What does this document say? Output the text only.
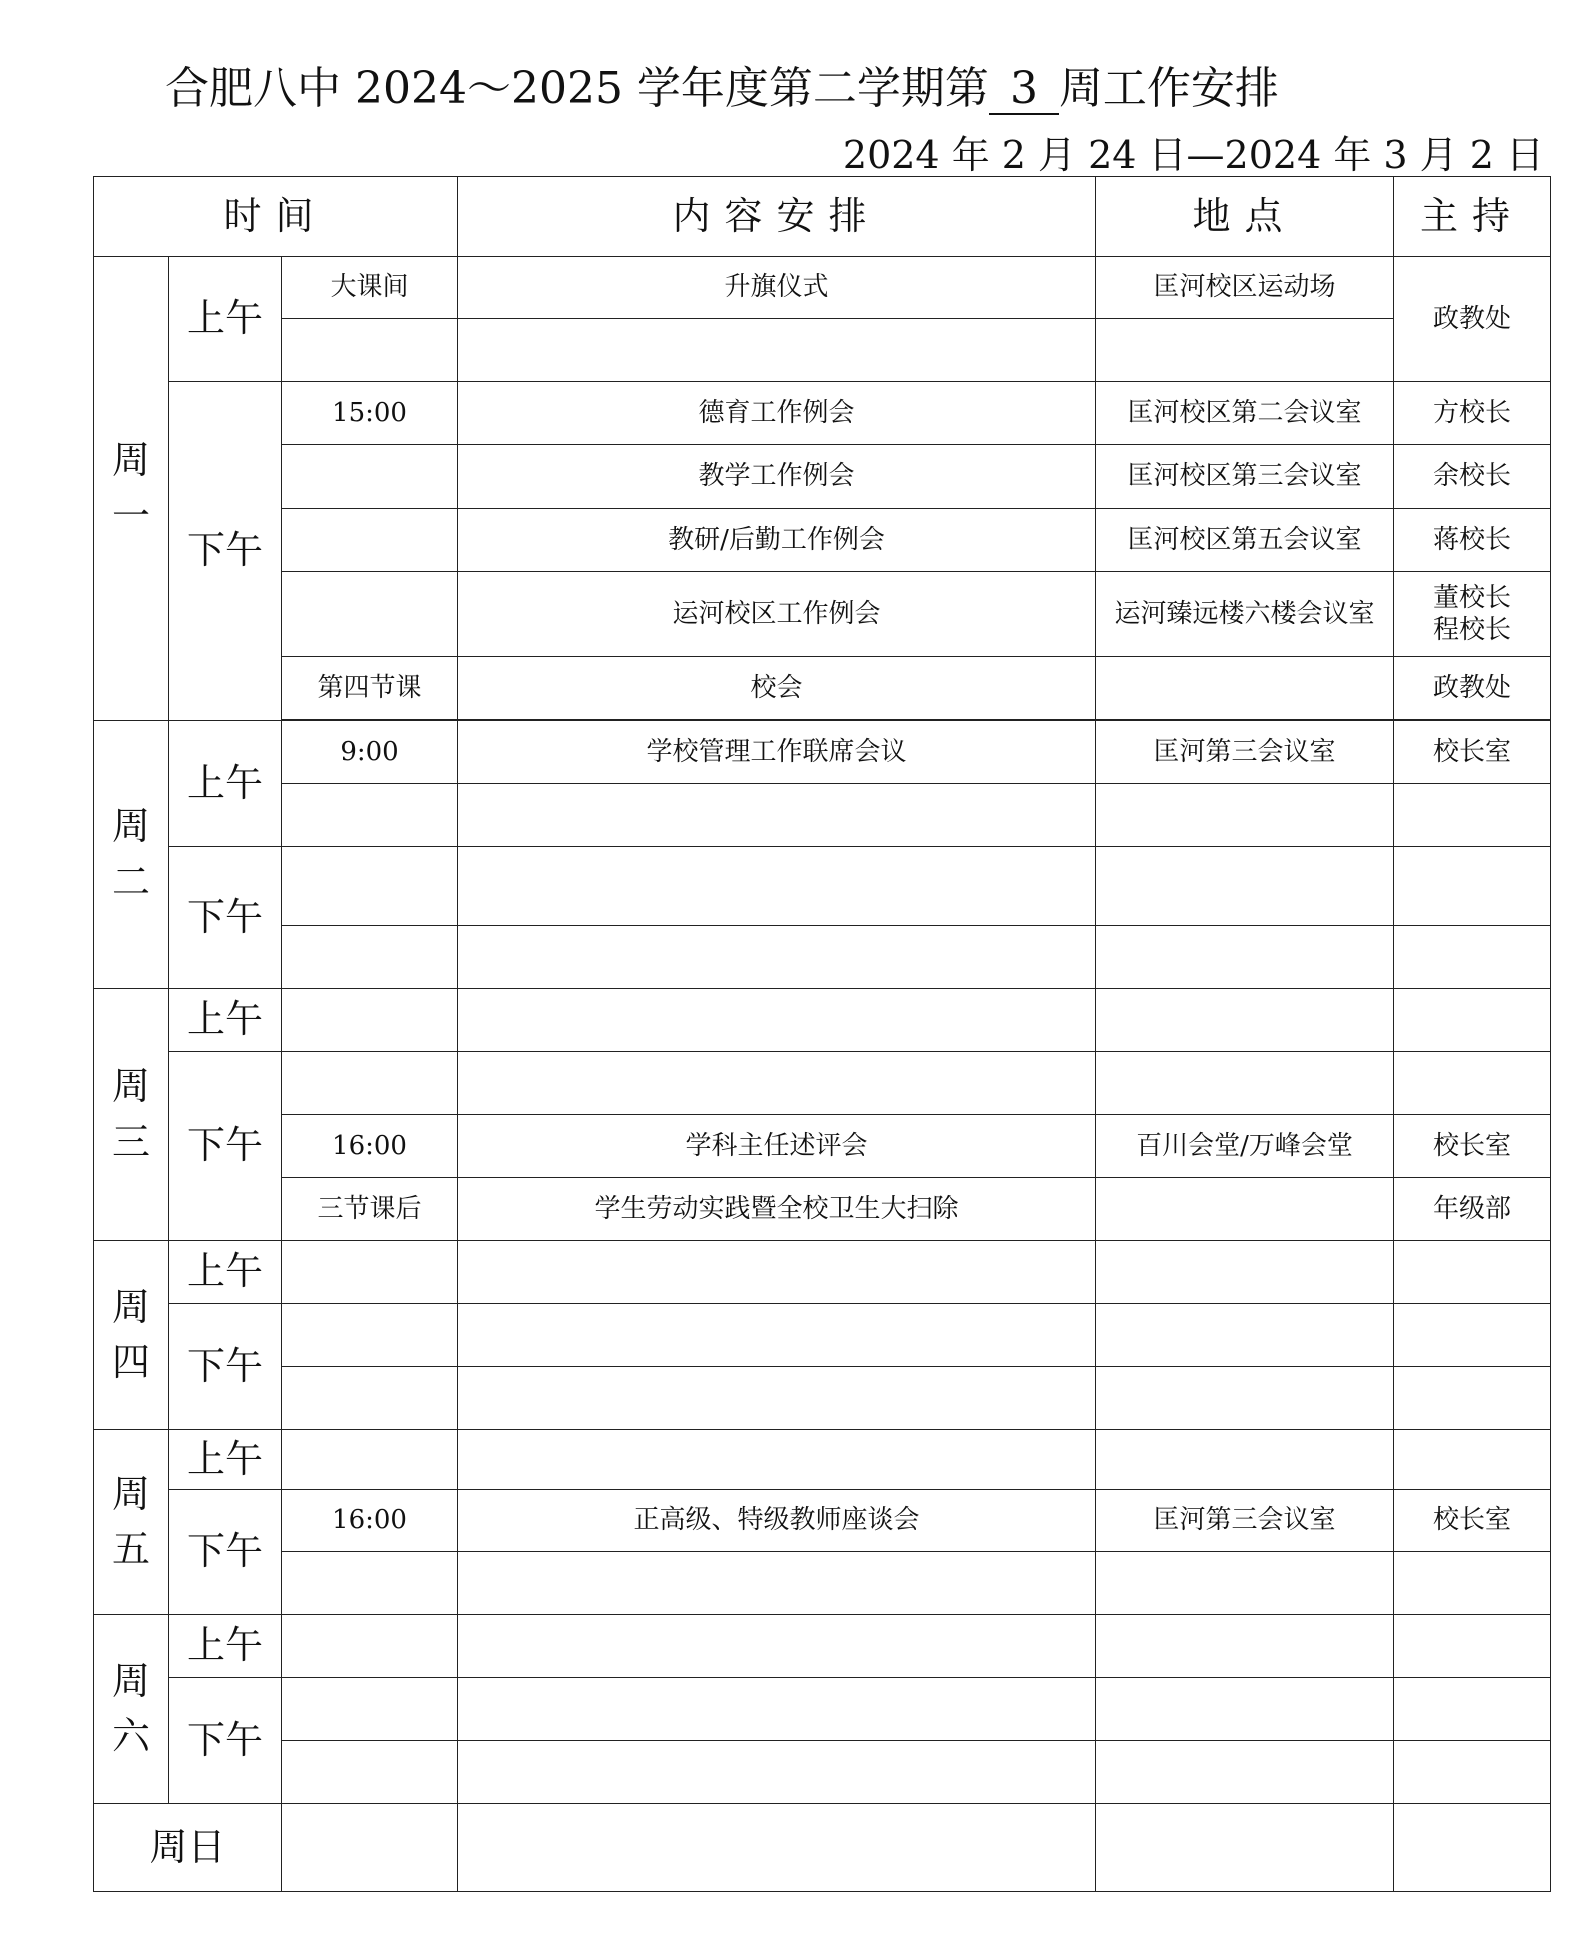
合肥八中 2024～2025 学年度第二学期第 3 周工作安排
2024 年 2 月 24 日—2024 年 3 月 2 日
时间			内容安排	地点	主持

周
一	上午	大课间	升旗仪式	匡河校区运动场	政教处

	下午	15:00	德育工作例会	匡河校区第二会议室	方校长
			教学工作例会	匡河校区第三会议室	余校长
			教研/后勤工作例会	匡河校区第五会议室	蒋校长
			运河校区工作例会	运河臻远楼六楼会议室	董校长
程校长

		第四节课	校会		政教处

周
二	上午	9:00	学校管理工作联席会议	匡河第三会议室	校长室

	下午				

周
三	上午				
	下午				
		16:00	学科主任述评会	百川会堂/万峰会堂	校长室
		三节课后	学生劳动实践暨全校卫生大扫除		年级部

周
四	上午				
	下午				

周
五	上午				
	下午	16:00	正高级、特级教师座谈会	匡河第三会议室	校长室

周
六	上午				
	下午				

周日					
